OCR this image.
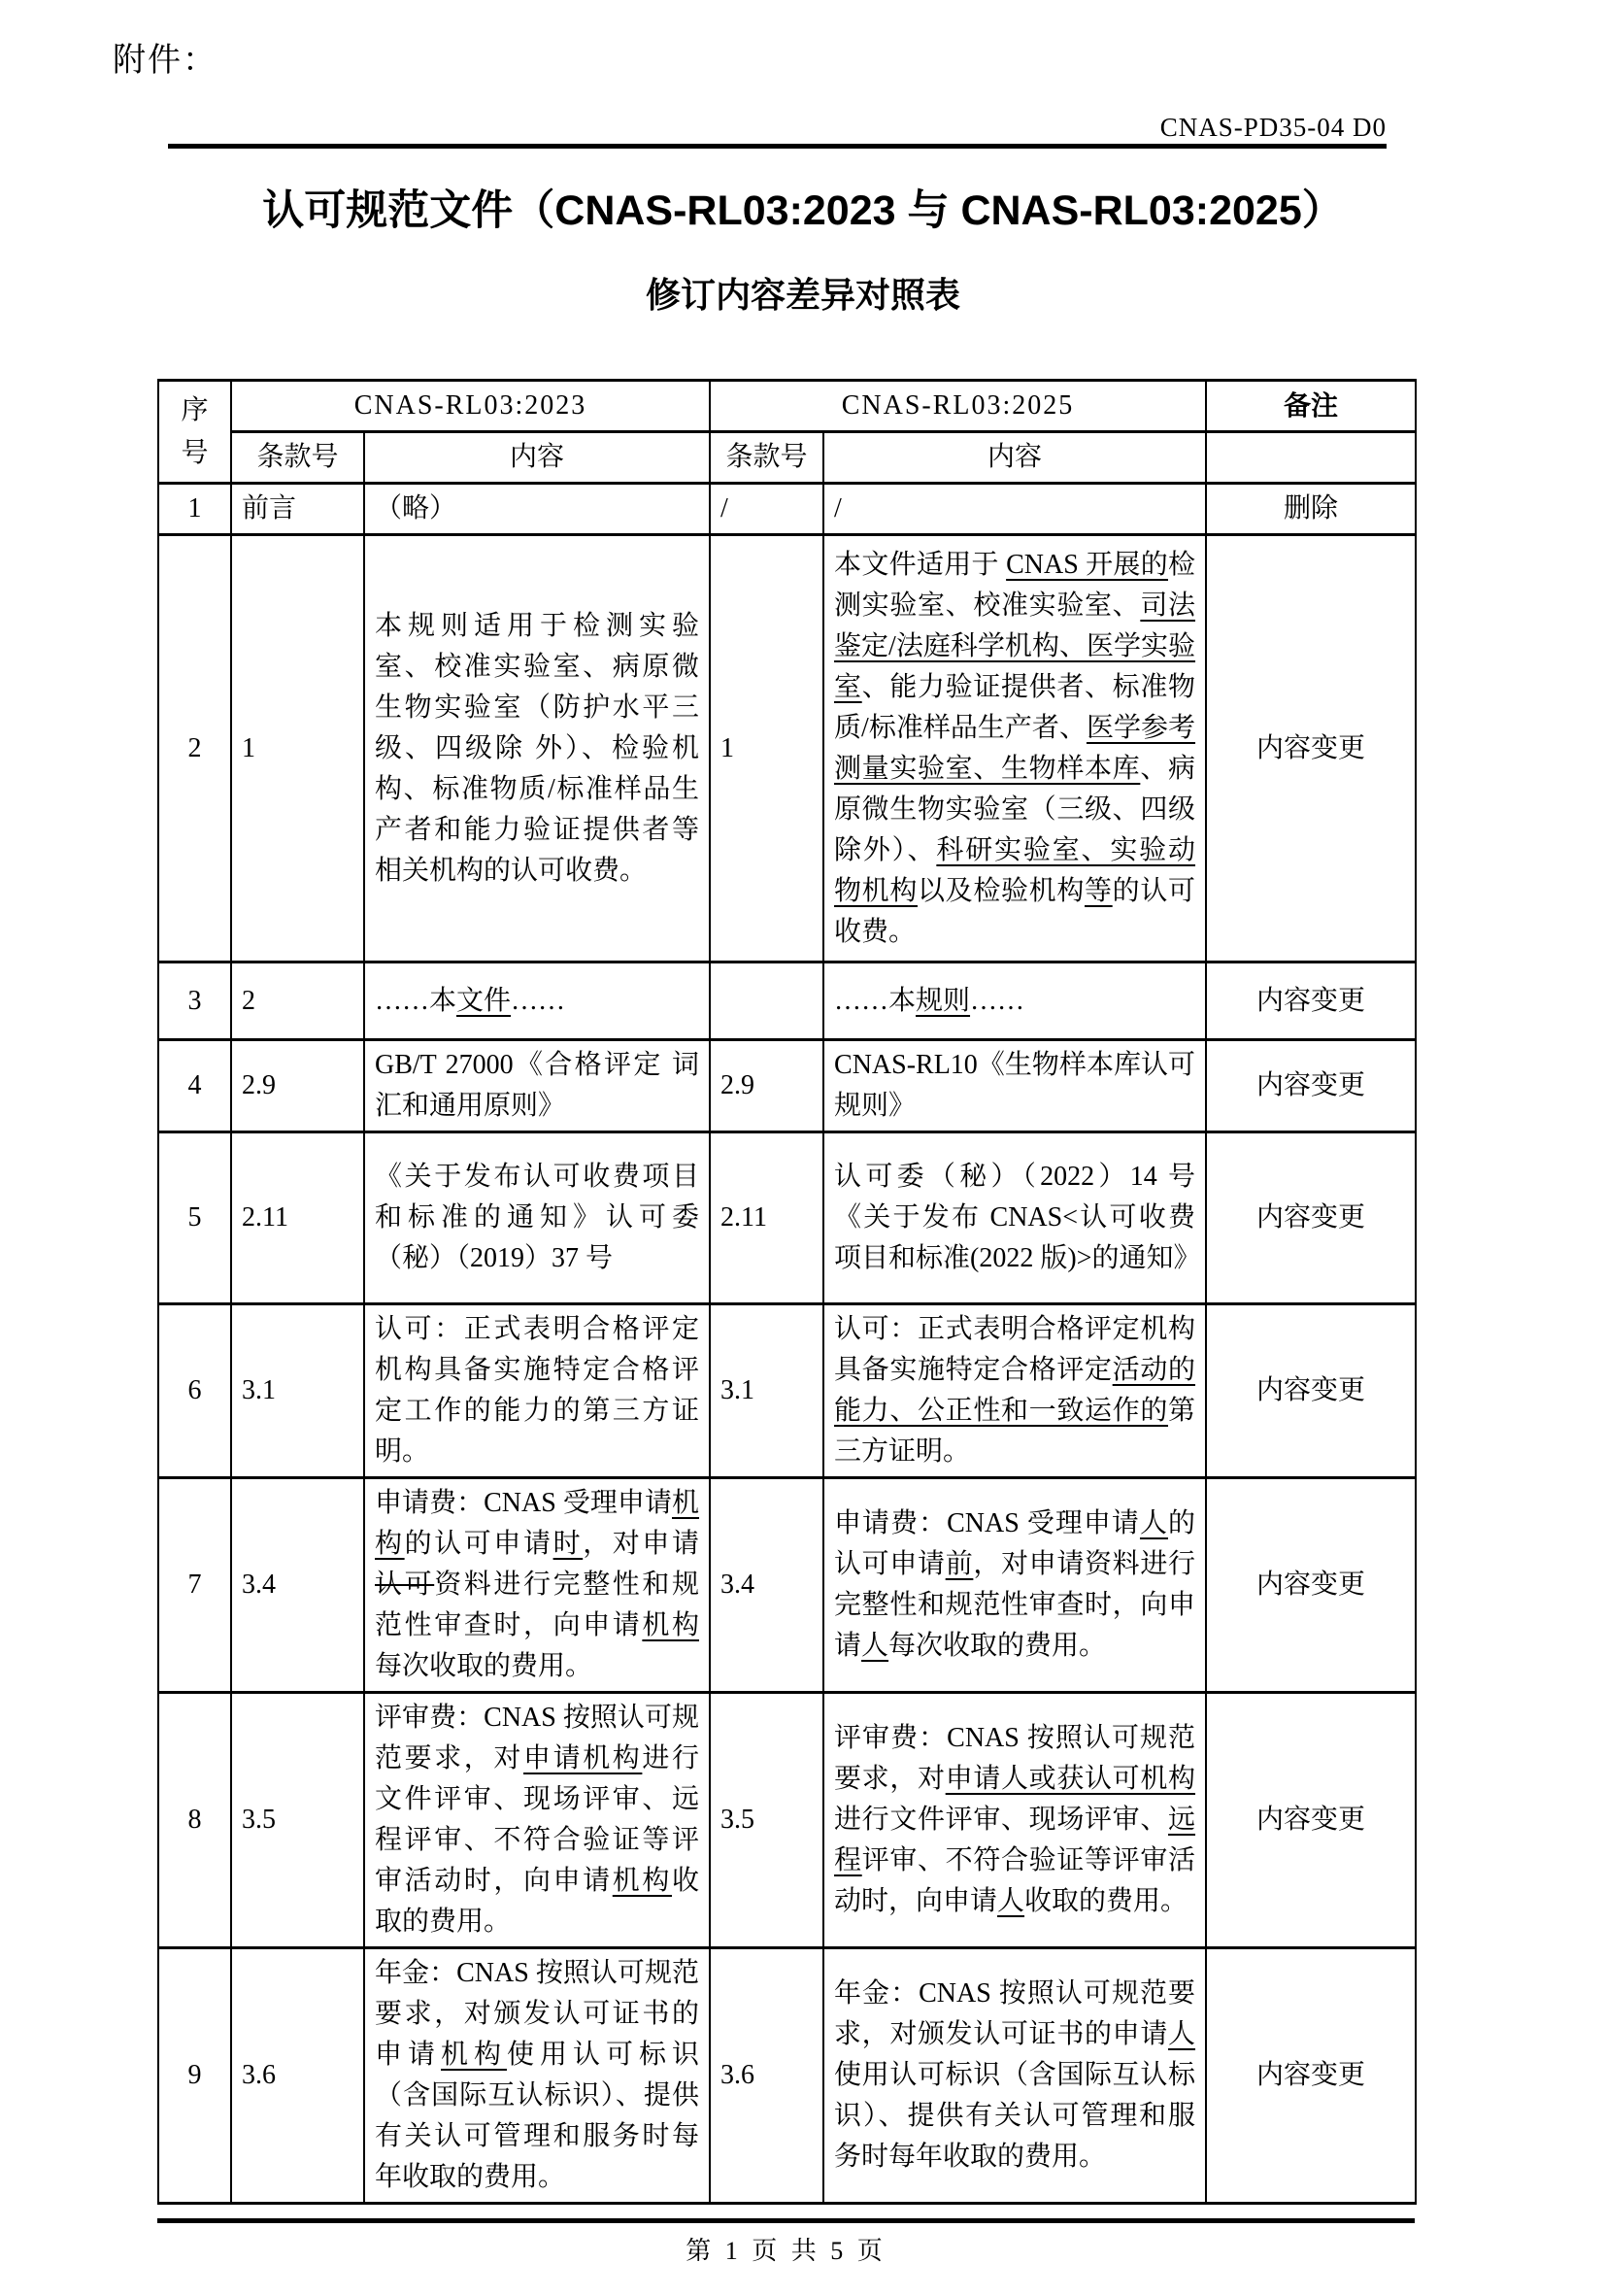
附件：
CNAS-PD35-04 D0
认可规范文件（CNAS-RL03:2023 与 CNAS-RL03:2025）
修订内容差异对照表
序号	CNAS-RL03:2023		CNAS-RL03:2025		备注
	条款号	内容	条款号	内容	
1	前言	（略）	/	/	删除
2	1	本规则适用于检测实验室、校准实验室、病原微生物实验室（防护水平三级、四级除 外）、检验机构、标准物质/标准样品生产者和能力验证提供者等相关机构的认可收费。	1	本文件适用于 CNAS 开展的检测实验室、校准实验室、司法鉴定/法庭科学机构、医学实验室、能力验证提供者、标准物质/标准样品生产者、医学参考测量实验室、生物样本库、病原微生物实验室（三级、四级除外）、科研实验室、实验动物机构以及检验机构等的认可收费。	内容变更
3	2	……本文件……		……本规则……	内容变更
4	2.9	GB/T 27000《合格评定 词汇和通用原则》	2.9	CNAS-RL10《生物样本库认可规则》	内容变更
5	2.11	《关于发布认可收费项目和标准的通知》认可委（秘）（2019）37 号	2.11	认可委（秘）（2022）14 号《关于发布 CNAS<认可收费项目和标准(2022 版)>的通知》	内容变更
6	3.1	认可：正式表明合格评定机构具备实施特定合格评定工作的能力的第三方证明。	3.1	认可：正式表明合格评定机构具备实施特定合格评定活动的能力、公正性和一致运作的第三方证明。	内容变更
7	3.4	申请费：CNAS 受理申请机构的认可申请时，对申请认可资料进行完整性和规范性审查时，向申请机构每次收取的费用。	3.4	申请费：CNAS 受理申请人的认可申请前，对申请资料进行完整性和规范性审查时，向申请人每次收取的费用。	内容变更
8	3.5	评审费：CNAS 按照认可规范要求，对申请机构进行文件评审、现场评审、远程评审、不符合验证等评审活动时，向申请机构收取的费用。	3.5	评审费：CNAS 按照认可规范要求，对申请人或获认可机构进行文件评审、现场评审、远程评审、不符合验证等评审活动时，向申请人收取的费用。	内容变更
9	3.6	年金：CNAS 按照认可规范要求，对颁发认可证书的申请机构使用认可标识（含国际互认标识）、提供有关认可管理和服务时每年收取的费用。	3.6	年金：CNAS 按照认可规范要求，对颁发认可证书的申请人使用认可标识（含国际互认标识）、提供有关认可管理和服务时每年收取的费用。	内容变更
第 1 页 共 5 页
